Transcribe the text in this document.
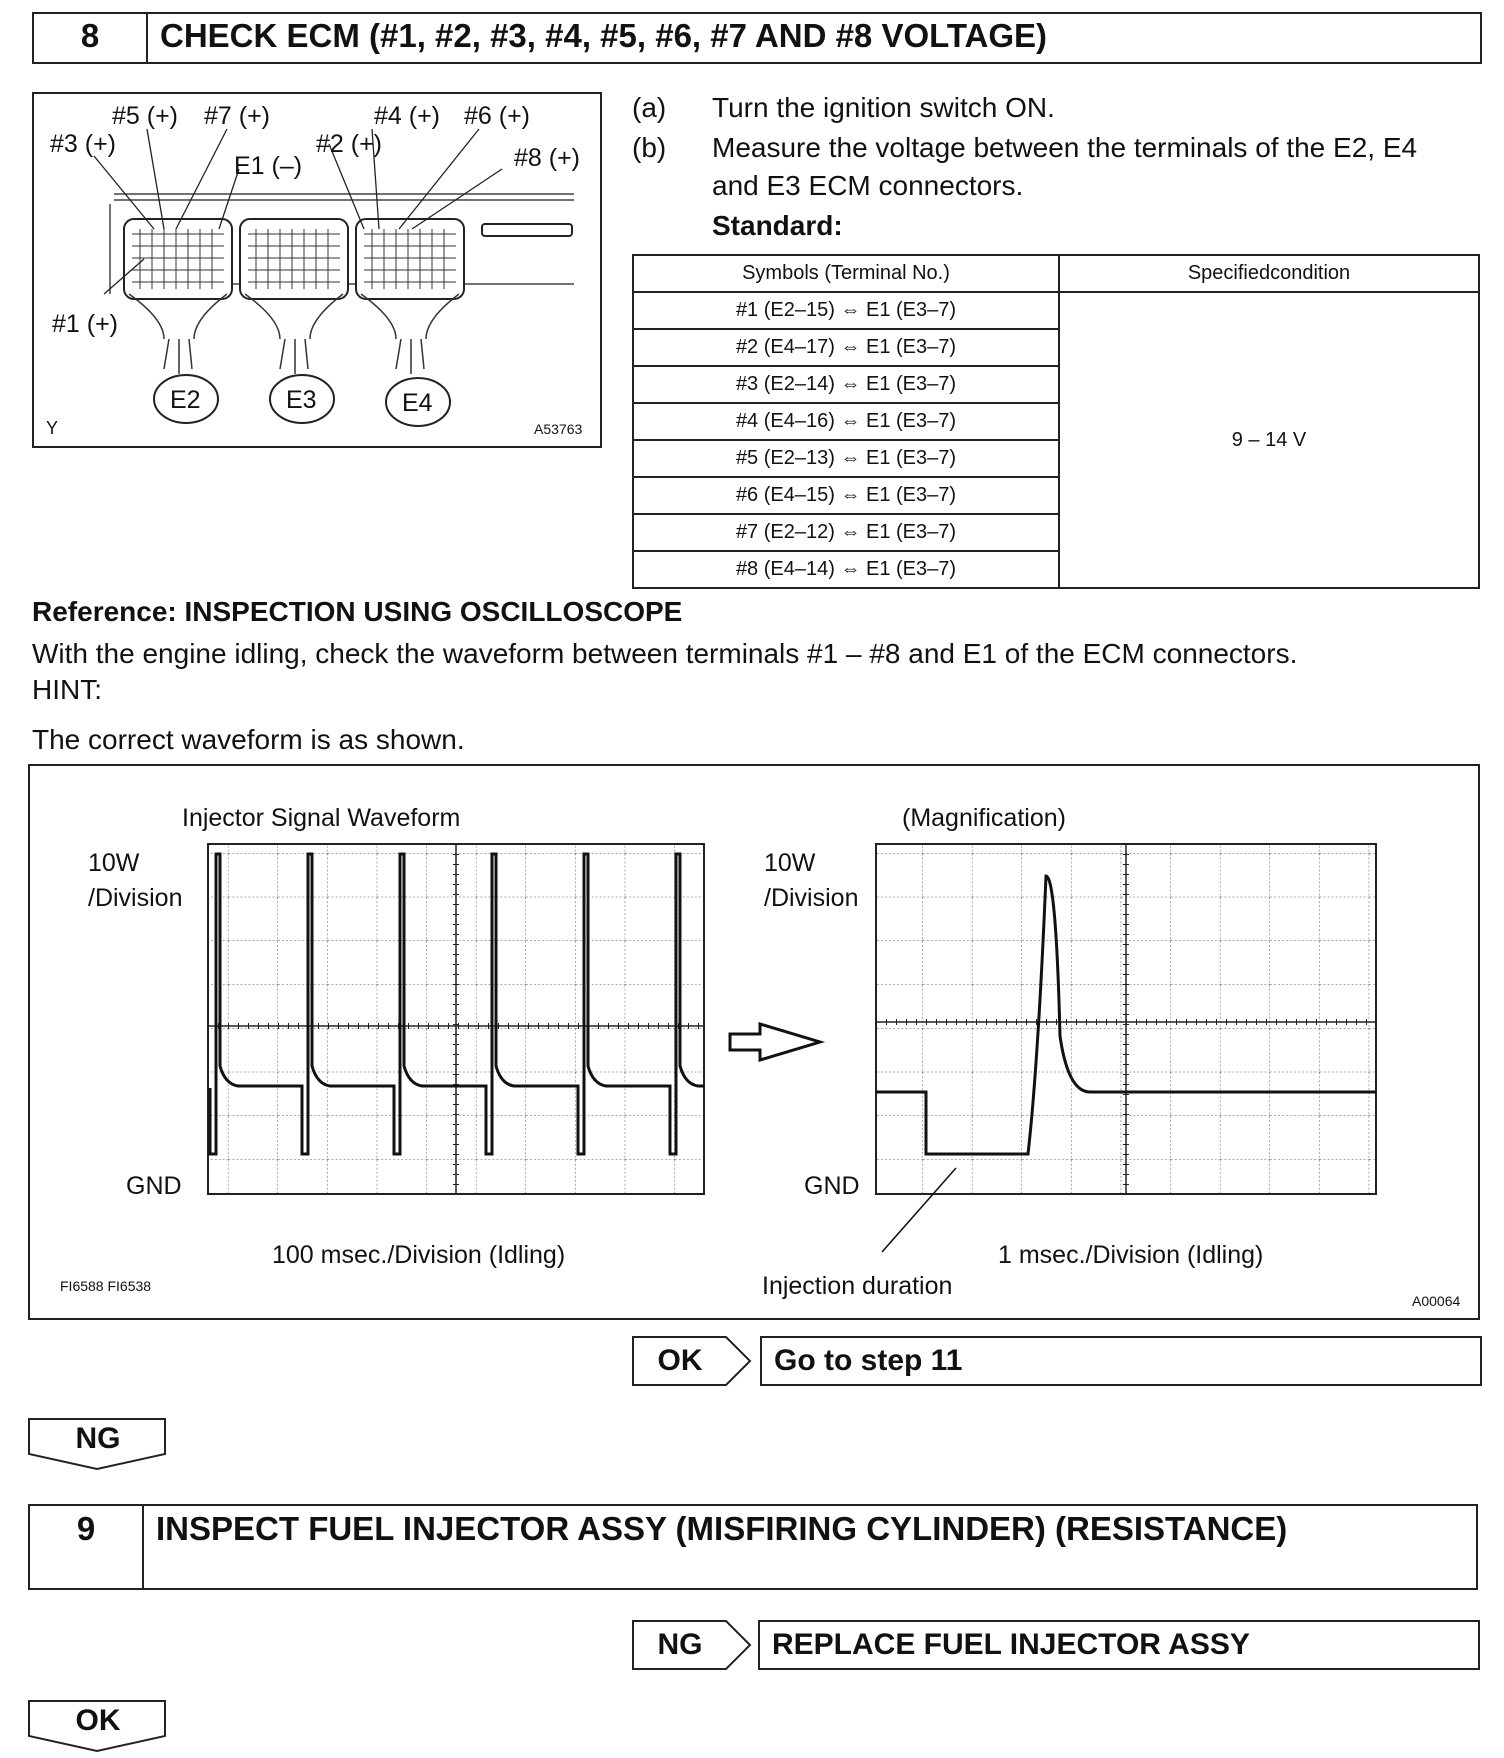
8	CHECK ECM (#1, #2, #3, #4, #5, #6, #7 AND #8 VOLTAGE)
#5 (+) #7 (+)	#4 (+) #6 (+)
#3 (+)	#2 (+)
E1 (–)	#8 (+)
#1 (+)
E2	E3	E4
Y	A53763
(a) Turn the ignition switch ON.
(b) Measure the voltage between the terminals of the E2, E4
and E3 ECM connectors.
Standard:
Symbols (Terminal No.)	Specifiedcondition
#1 (E2–15) ⇔ E1 (E3–7)	9 – 14 V
#2 (E4–17) ⇔ E1 (E3–7)	
#3 (E2–14) ⇔ E1 (E3–7)	
#4 (E4–16) ⇔ E1 (E3–7)	
#5 (E2–13) ⇔ E1 (E3–7)	
#6 (E4–15) ⇔ E1 (E3–7)	
#7 (E2–12) ⇔ E1 (E3–7)	
#8 (E4–14) ⇔ E1 (E3–7)	
Reference: INSPECTION USING OSCILLOSCOPE
With the engine idling, check the waveform between terminals #1 – #8 and E1 of the ECM connectors.
HINT:
The correct waveform is as shown.
Injector Signal Waveform	(Magnification)
10W
/Division
10W
/Division
GND	GND
100 msec./Division (Idling)	1 msec./Division (Idling)
Injection duration
FI6588 FI6538
A00064
OK	Go to step 11
NG
9	INSPECT FUEL INJECTOR ASSY (MISFIRING CYLINDER) (RESISTANCE)
NG	REPLACE FUEL INJECTOR ASSY
OK
